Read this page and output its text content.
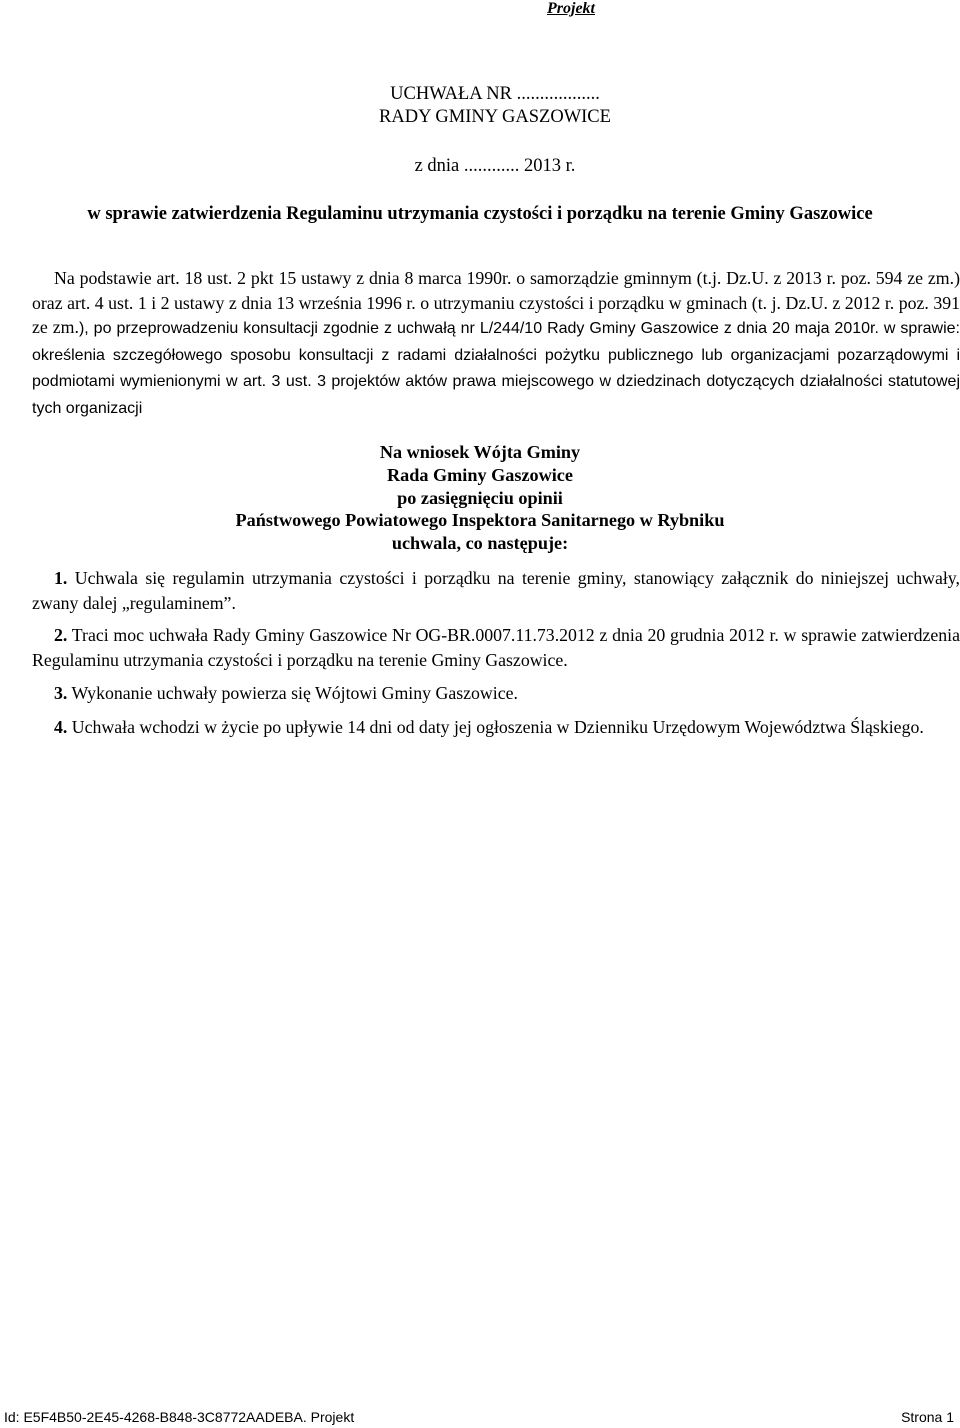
Projekt
UCHWAŁA NR ..................
RADY GMINY GASZOWICE
z dnia ............ 2013 r.
w sprawie zatwierdzenia Regulaminu utrzymania czystości i porządku na terenie Gminy Gaszowice
Na podstawie art. 18 ust. 2 pkt 15 ustawy z dnia 8 marca 1990r. o samorządzie gminnym (t.j. Dz.U. z 2013 r. poz. 594 ze zm.) oraz art. 4 ust. 1 i 2 ustawy z dnia 13 września 1996 r. o utrzymaniu czystości i porządku w gminach (t. j. Dz.U. z 2012 r. poz. 391 ze zm.), po przeprowadzeniu konsultacji zgodnie z uchwałą nr L/244/10 Rady Gminy Gaszowice z dnia 20 maja 2010r. w sprawie: określenia szczegółowego sposobu konsultacji z radami działalności pożytku publicznego lub organizacjami pozarządowymi i podmiotami wymienionymi w art. 3 ust. 3 projektów aktów prawa miejscowego w dziedzinach dotyczących działalności statutowej tych organizacji
Na wniosek Wójta Gminy
Rada Gminy Gaszowice
po zasięgnięciu opinii
Państwowego Powiatowego Inspektora Sanitarnego w Rybniku
uchwala, co następuje:
1. Uchwala się regulamin utrzymania czystości i porządku na terenie gminy, stanowiący załącznik do niniejszej uchwały, zwany dalej „regulaminem”.
2. Traci moc uchwała Rady Gminy Gaszowice Nr OG-BR.0007.11.73.2012 z dnia 20 grudnia 2012 r. w sprawie zatwierdzenia Regulaminu utrzymania czystości i porządku na terenie Gminy Gaszowice.
3. Wykonanie uchwały powierza się Wójtowi Gminy Gaszowice.
4. Uchwała wchodzi w życie po upływie 14 dni od daty jej ogłoszenia w Dzienniku Urzędowym Województwa Śląskiego.
Id: E5F4B50-2E45-4268-B848-3C8772AADEBA. Projekt	Strona 1
